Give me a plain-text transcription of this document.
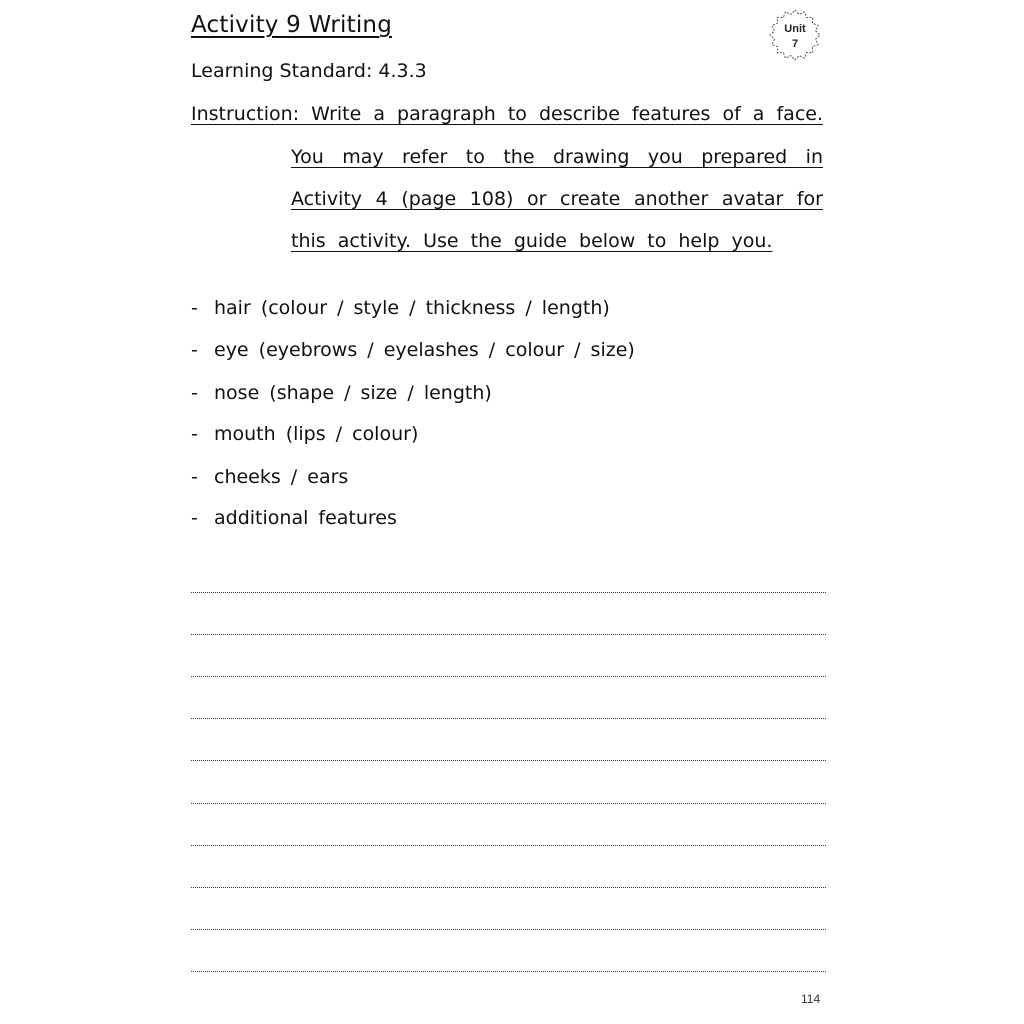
Activity 9 Writing	Unit
7
Learning Standard: 4.3.3
Instruction: Write a paragraph to describe features of a face.
You may refer to the drawing you prepared in
Activity 4 (page 108) or create another avatar for
this activity. Use the guide below to help you.
- hair (colour / style / thickness / length)
- eye (eyebrows / eyelashes / colour / size)
- nose (shape / size / length)
- mouth (lips / colour)
- cheeks / ears
- additional features
114
